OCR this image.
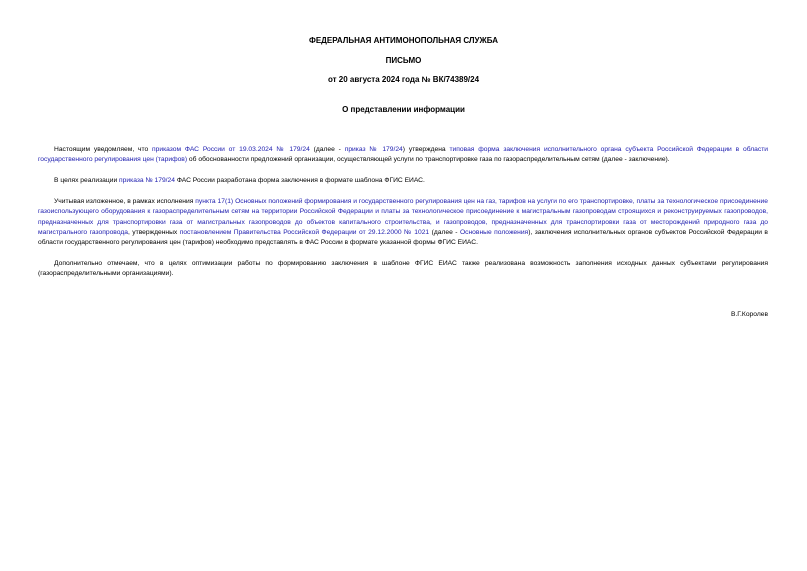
ФЕДЕРАЛЬНАЯ АНТИМОНОПОЛЬНАЯ СЛУЖБА
ПИСЬМО
от 20 августа 2024 года № ВК/74389/24
О представлении информации

Настоящим уведомляем, что приказом ФАС России от 19.03.2024 № 179/24 (далее - приказ № 179/24) утверждена типовая форма заключения исполнительного органа субъекта Российской Федерации в области государственного регулирования цен (тарифов) об обоснованности предложений организации, осуществляющей услуги по транспортировке газа по газораспределительным сетям (далее - заключение).

В целях реализации приказа № 179/24 ФАС России разработана форма заключения в формате шаблона ФГИС ЕИАС.

Учитывая изложенное, в рамках исполнения пункта 17(1) Основных положений формирования и государственного регулирования цен на газ, тарифов на услуги по его транспортировке, платы за технологическое присоединение газоиспользующего оборудования к газораспределительным сетям на территории Российской Федерации и платы за технологическое присоединение к магистральным газопроводам строящихся и реконструируемых газопроводов, предназначенных для транспортировки газа от магистральных газопроводов до объектов капитального строительства, и газопроводов, предназначенных для транспортировки газа от месторождений природного газа до магистрального газопровода, утвержденных постановлением Правительства Российской Федерации от 29.12.2000 № 1021 (далее - Основные положения), заключения исполнительных органов субъектов Российской Федерации в области государственного регулирования цен (тарифов) необходимо представлять в ФАС России в формате указанной формы ФГИС ЕИАС.

Дополнительно отмечаем, что в целях оптимизации работы по формированию заключения в шаблоне ФГИС ЕИАС также реализована возможность заполнения исходных данных субъектами регулирования (газораспределительными организациями).

В.Г.Королев
